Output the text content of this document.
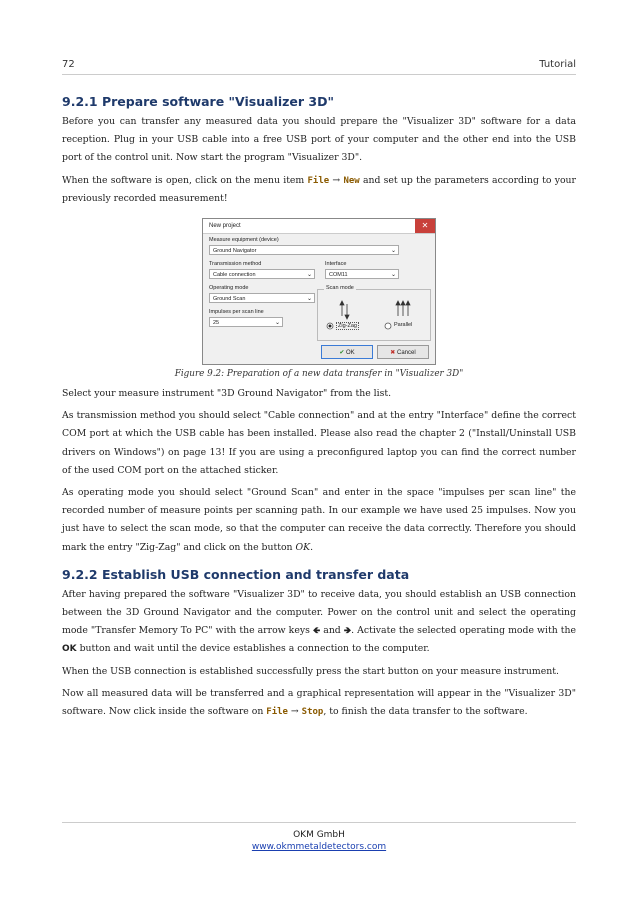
72	Tutorial
9.2.1 Prepare software "Visualizer 3D"

Before you can transfer any measured data you should prepare the "Visualizer 3D" software for a data reception. Plug in your USB cable into a free USB port of your computer and the other end into the USB port of the control unit. Now start the program "Visualizer 3D".

When the software is open, click on the menu item File → New and set up the parameters according to your previously recorded measurement!

New project	✕
Measure equipment (device)
Ground Navigator	⌄
Transmission method
Cable connection	⌄
Interface
COM11	⌄
Operating mode
Ground Scan	⌄
Impulses per scan line
25	⌄
Scan mode
Zig-Zag	Parallel
✔ OK	✖ Cancel
Figure 9.2: Preparation of a new data transfer in "Visualizer 3D"

Select your measure instrument "3D Ground Navigator" from the list.

As transmission method you should select "Cable connection" and at the entry "Interface" define the correct COM port at which the USB cable has been installed. Please also read the chapter 2 ("Install/Uninstall USB drivers on Windows") on page 13! If you are using a preconfigured laptop you can find the correct number of the used COM port on the attached sticker.

As operating mode you should select "Ground Scan" and enter in the space "impulses per scan line" the recorded number of measure points per scanning path. In our example we have used 25 impulses. Now you just have to select the scan mode, so that the computer can receive the data correctly. Therefore you should mark the entry "Zig-Zag" and click on the button OK.

9.2.2 Establish USB connection and transfer data

After having prepared the software "Visualizer 3D" to receive data, you should establish an USB connection between the 3D Ground Navigator and the computer. Power on the control unit and select the operating mode "Transfer Memory To PC" with the arrow keys 🡸 and 🡺. Activate the selected operating mode with the OK button and wait until the device establishes a connection to the computer.

When the USB connection is established successfully press the start button on your measure instrument.

Now all measured data will be transferred and a graphical representation will appear in the "Visualizer 3D" software. Now click inside the software on File → Stop, to finish the data transfer to the software.

OKM GmbH
www.okmmetaldetectors.com
